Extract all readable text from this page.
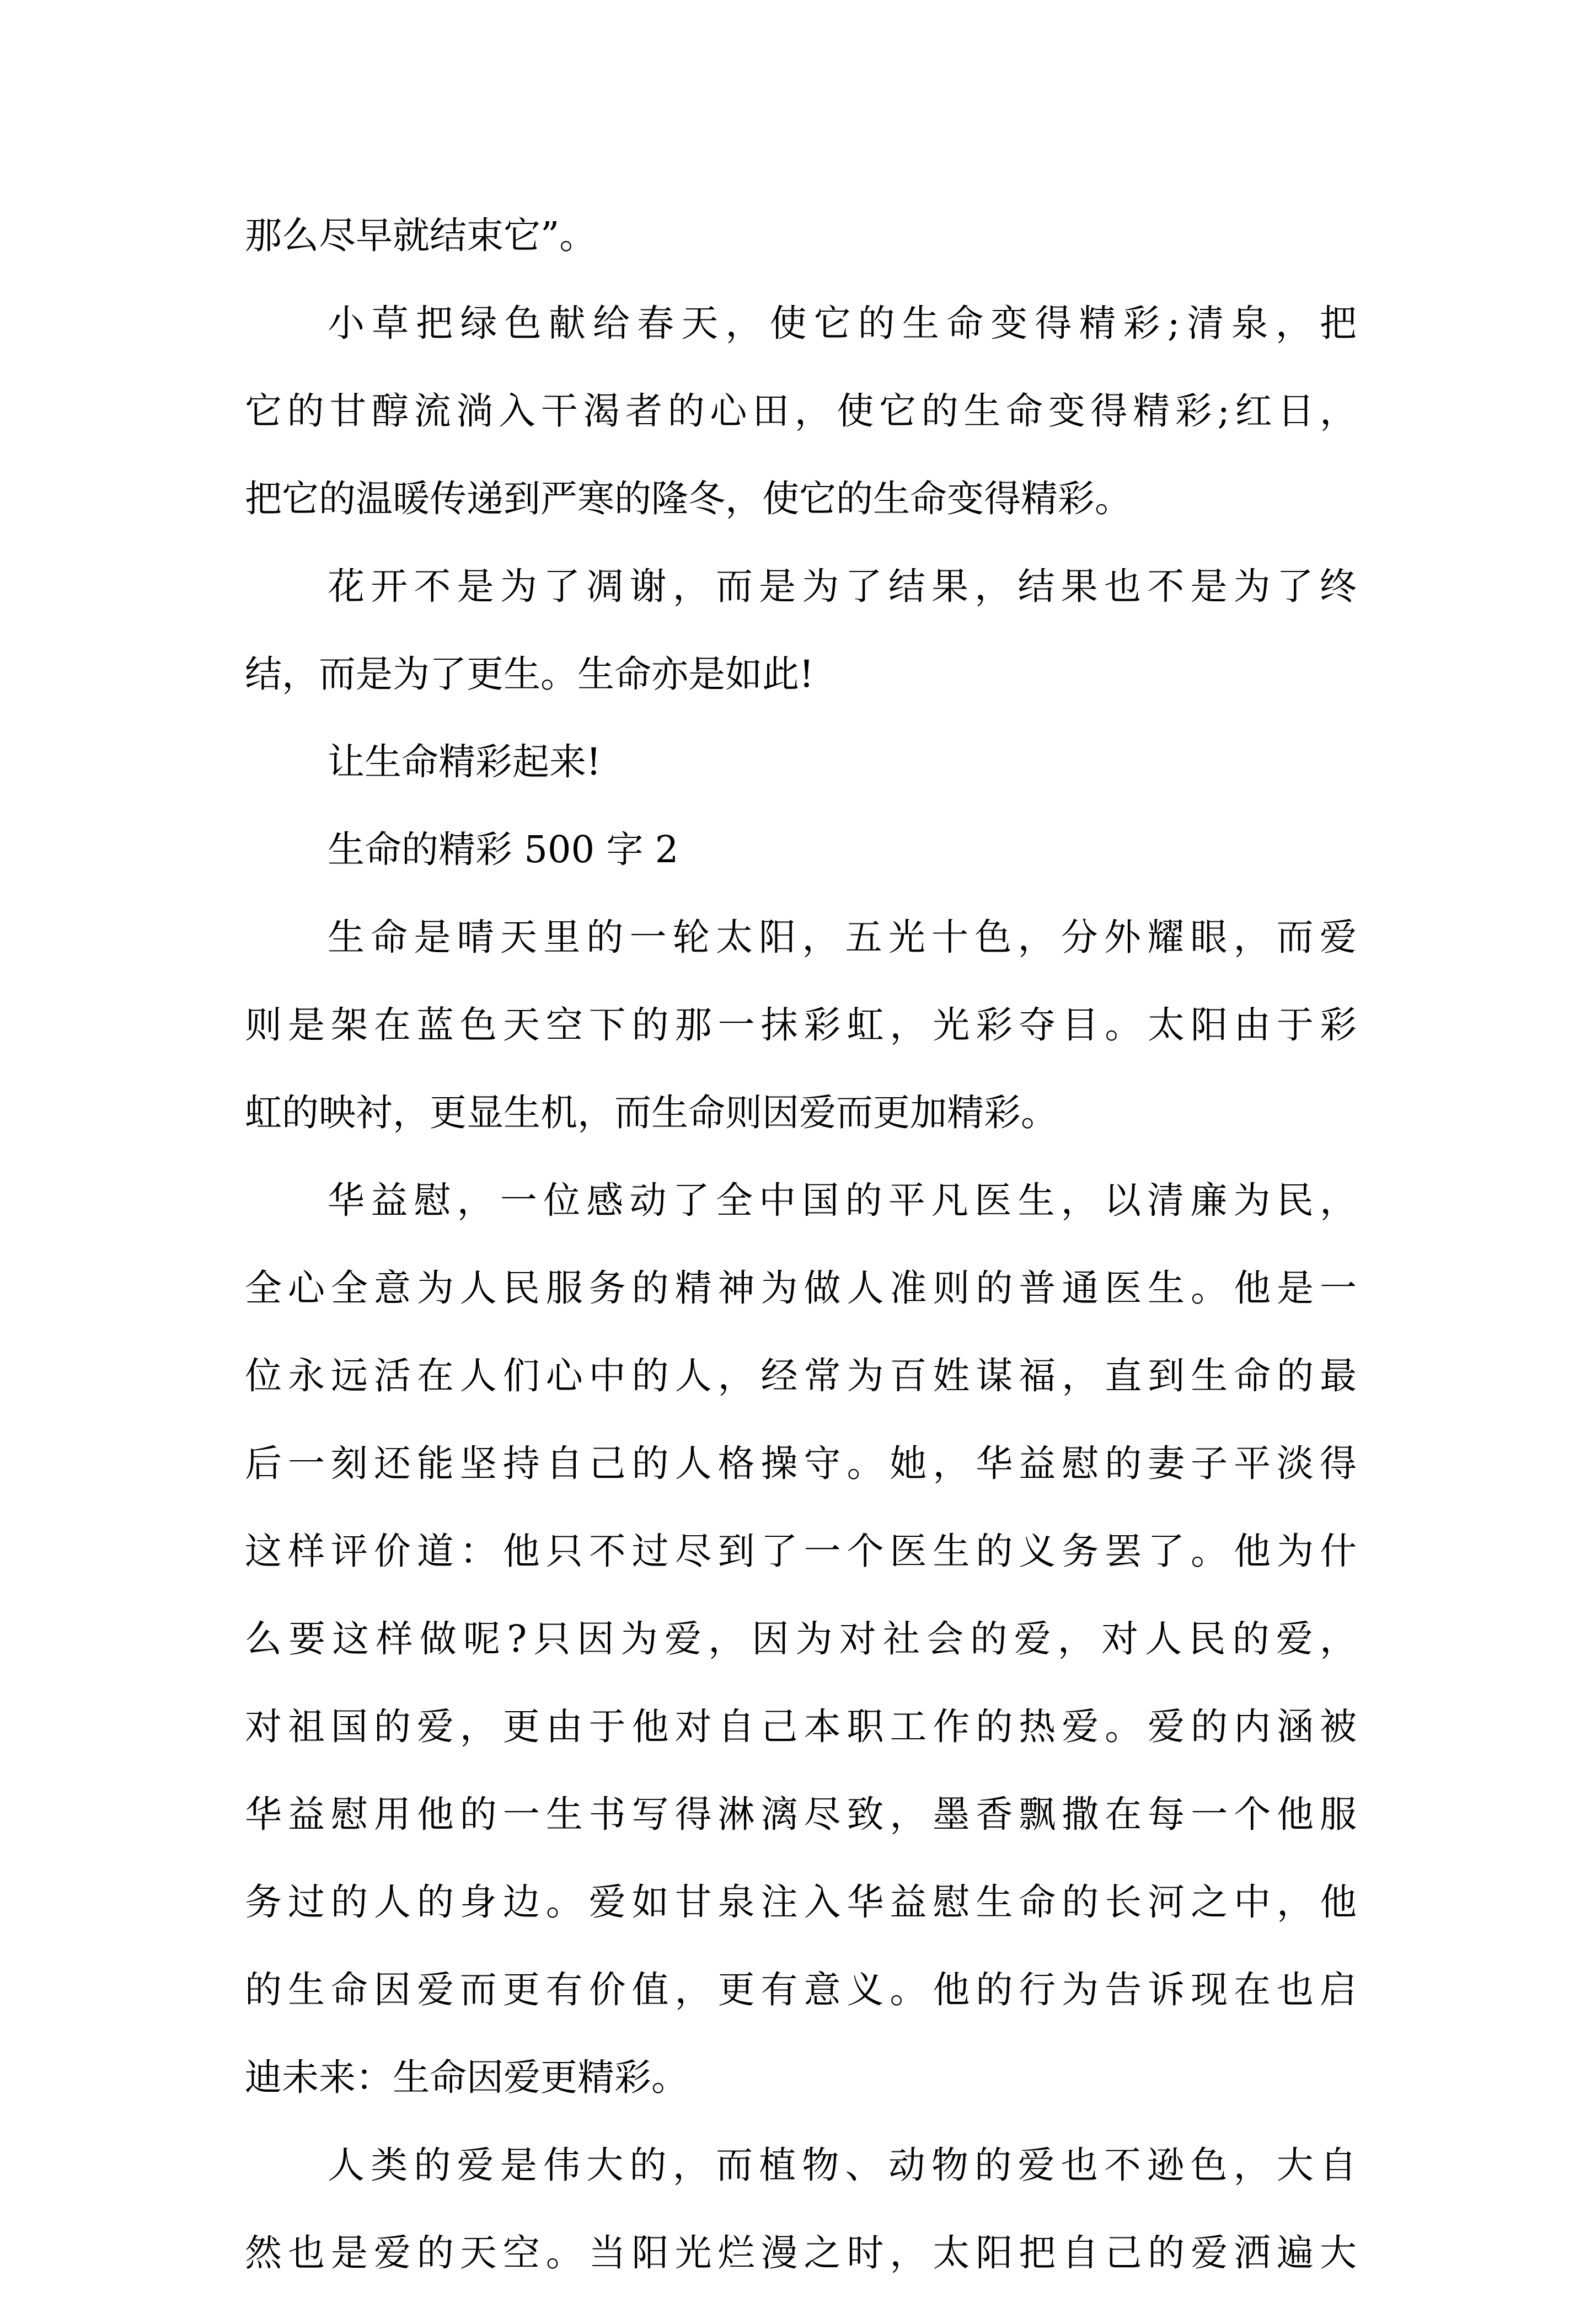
那么尽早就结束它”。
小草把绿色献给春天，使它的生命变得精彩;清泉，把
它的甘醇流淌入干渴者的心田，使它的生命变得精彩;红日，
把它的温暖传递到严寒的隆冬，使它的生命变得精彩。
花开不是为了凋谢，而是为了结果，结果也不是为了终
结，而是为了更生。生命亦是如此!
让生命精彩起来!
生命的精彩 500 字 2
生命是晴天里的一轮太阳，五光十色，分外耀眼，而爱
则是架在蓝色天空下的那一抹彩虹，光彩夺目。太阳由于彩
虹的映衬，更显生机，而生命则因爱而更加精彩。
华益慰，一位感动了全中国的平凡医生，以清廉为民，
全心全意为人民服务的精神为做人准则的普通医生。他是一
位永远活在人们心中的人，经常为百姓谋福，直到生命的最
后一刻还能坚持自己的人格操守。她，华益慰的妻子平淡得
这样评价道：他只不过尽到了一个医生的义务罢了。他为什
么要这样做呢?只因为爱，因为对社会的爱，对人民的爱，
对祖国的爱，更由于他对自己本职工作的热爱。爱的内涵被
华益慰用他的一生书写得淋漓尽致，墨香飘撒在每一个他服
务过的人的身边。爱如甘泉注入华益慰生命的长河之中，他
的生命因爱而更有价值，更有意义。他的行为告诉现在也启
迪未来：生命因爱更精彩。
人类的爱是伟大的，而植物、动物的爱也不逊色，大自
然也是爱的天空。当阳光烂漫之时，太阳把自己的爱洒遍大
